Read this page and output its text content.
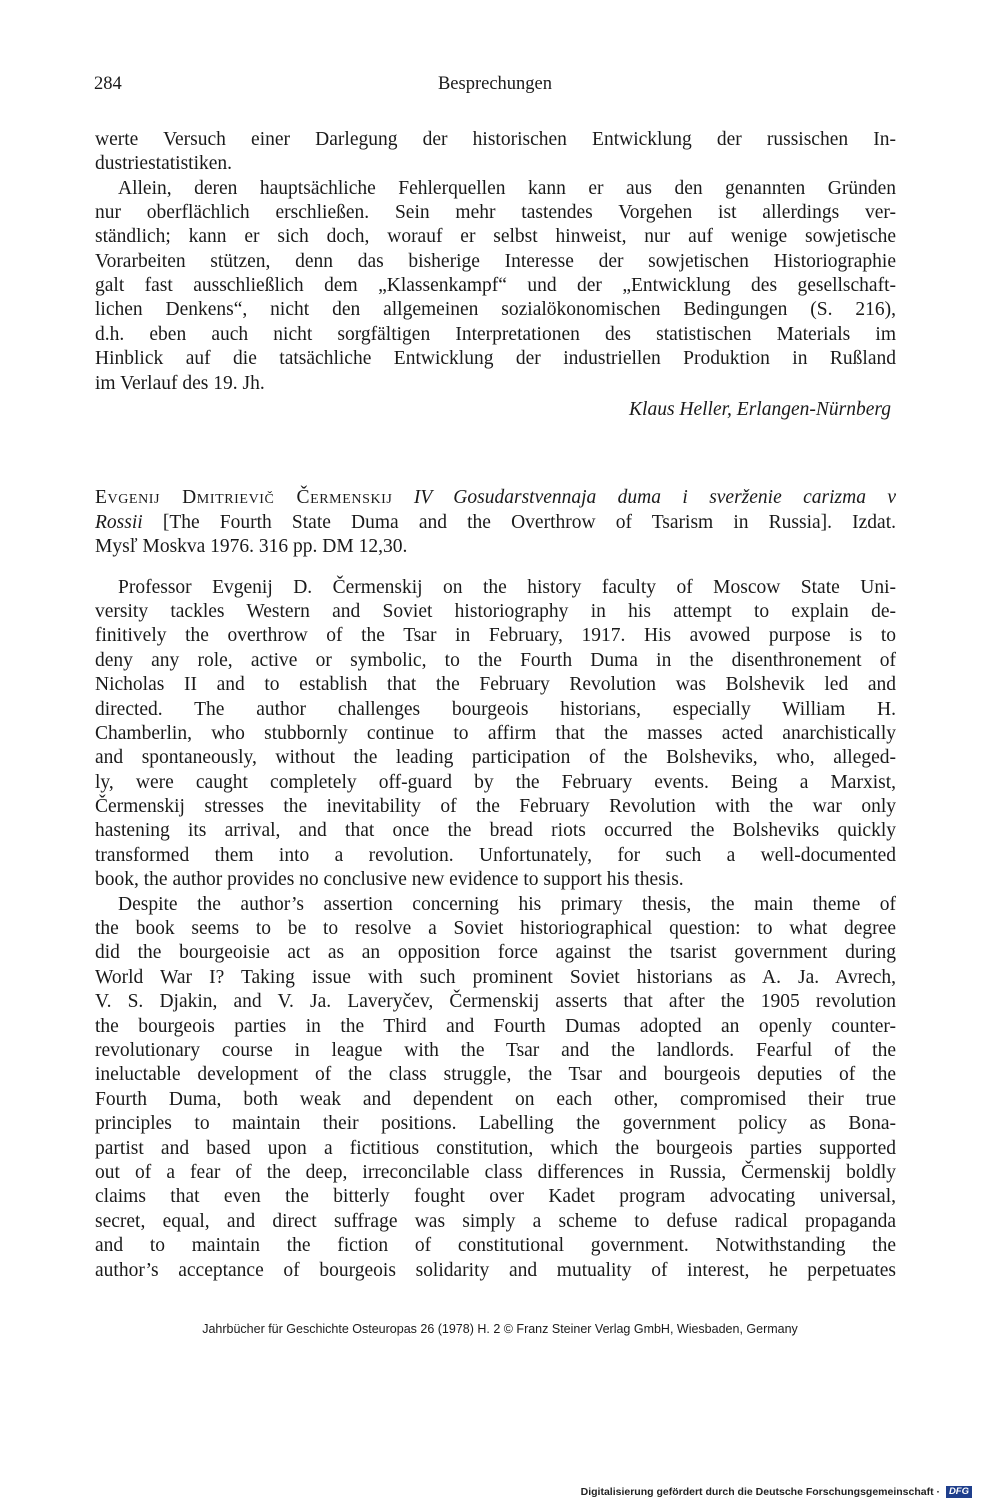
284	Besprechungen
werte Versuch einer Darlegung der historischen Entwicklung der russischen In-
dustriestatistiken.
Allein, deren hauptsächliche Fehlerquellen kann er aus den genannten Gründen
nur oberflächlich erschließen. Sein mehr tastendes Vorgehen ist allerdings ver-
ständlich; kann er sich doch, worauf er selbst hinweist, nur auf wenige sowjetische
Vorarbeiten stützen, denn das bisherige Interesse der sowjetischen Historiographie
galt fast ausschließlich dem „Klassenkampf“ und der „Entwicklung des gesellschaft-
lichen Denkens“, nicht den allgemeinen sozialökonomischen Bedingungen (S. 216),
d.h. eben auch nicht sorgfältigen Interpretationen des statistischen Materials im
Hinblick auf die tatsächliche Entwicklung der industriellen Produktion in Rußland
im Verlauf des 19. Jh.
Klaus Heller, Erlangen-Nürnberg
Evgenij Dmitrievič Čermenskij IV Gosudarstvennaja duma i sverženie carizma v
Rossii [The Fourth State Duma and the Overthrow of Tsarism in Russia]. Izdat.
Mysľ Moskva 1976. 316 pp. DM 12,30.
Professor Evgenij D. Čermenskij on the history faculty of Moscow State Uni-
versity tackles Western and Soviet historiography in his attempt to explain de-
finitively the overthrow of the Tsar in February, 1917. His avowed purpose is to
deny any role, active or symbolic, to the Fourth Duma in the disenthronement of
Nicholas II and to establish that the February Revolution was Bolshevik led and
directed. The author challenges bourgeois historians, especially William H.
Chamberlin, who stubbornly continue to affirm that the masses acted anarchistically
and spontaneously, without the leading participation of the Bolsheviks, who, alleged-
ly, were caught completely off-guard by the February events. Being a Marxist,
Čermenskij stresses the inevitability of the February Revolution with the war only
hastening its arrival, and that once the bread riots occurred the Bolsheviks quickly
transformed them into a revolution. Unfortunately, for such a well-documented
book, the author provides no conclusive new evidence to support his thesis.
Despite the author’s assertion concerning his primary thesis, the main theme of
the book seems to be to resolve a Soviet historiographical question: to what degree
did the bourgeoisie act as an opposition force against the tsarist government during
World War I? Taking issue with such prominent Soviet historians as A. Ja. Avrech,
V. S. Djakin, and V. Ja. Laveryčev, Čermenskij asserts that after the 1905 revolution
the bourgeois parties in the Third and Fourth Dumas adopted an openly counter-
revolutionary course in league with the Tsar and the landlords. Fearful of the
ineluctable development of the class struggle, the Tsar and bourgeois deputies of the
Fourth Duma, both weak and dependent on each other, compromised their true
principles to maintain their positions. Labelling the government policy as Bona-
partist and based upon a fictitious constitution, which the bourgeois parties supported
out of a fear of the deep, irreconcilable class differences in Russia, Čermenskij boldly
claims that even the bitterly fought over Kadet program advocating universal,
secret, equal, and direct suffrage was simply a scheme to defuse radical propaganda
and to maintain the fiction of constitutional government. Notwithstanding the
author’s acceptance of bourgeois solidarity and mutuality of interest, he perpetuates
Jahrbücher für Geschichte Osteuropas 26 (1978) H. 2 © Franz Steiner Verlag GmbH, Wiesbaden, Germany
Digitalisierung gefördert durch die Deutsche Forschungsgemeinschaft · DFG
